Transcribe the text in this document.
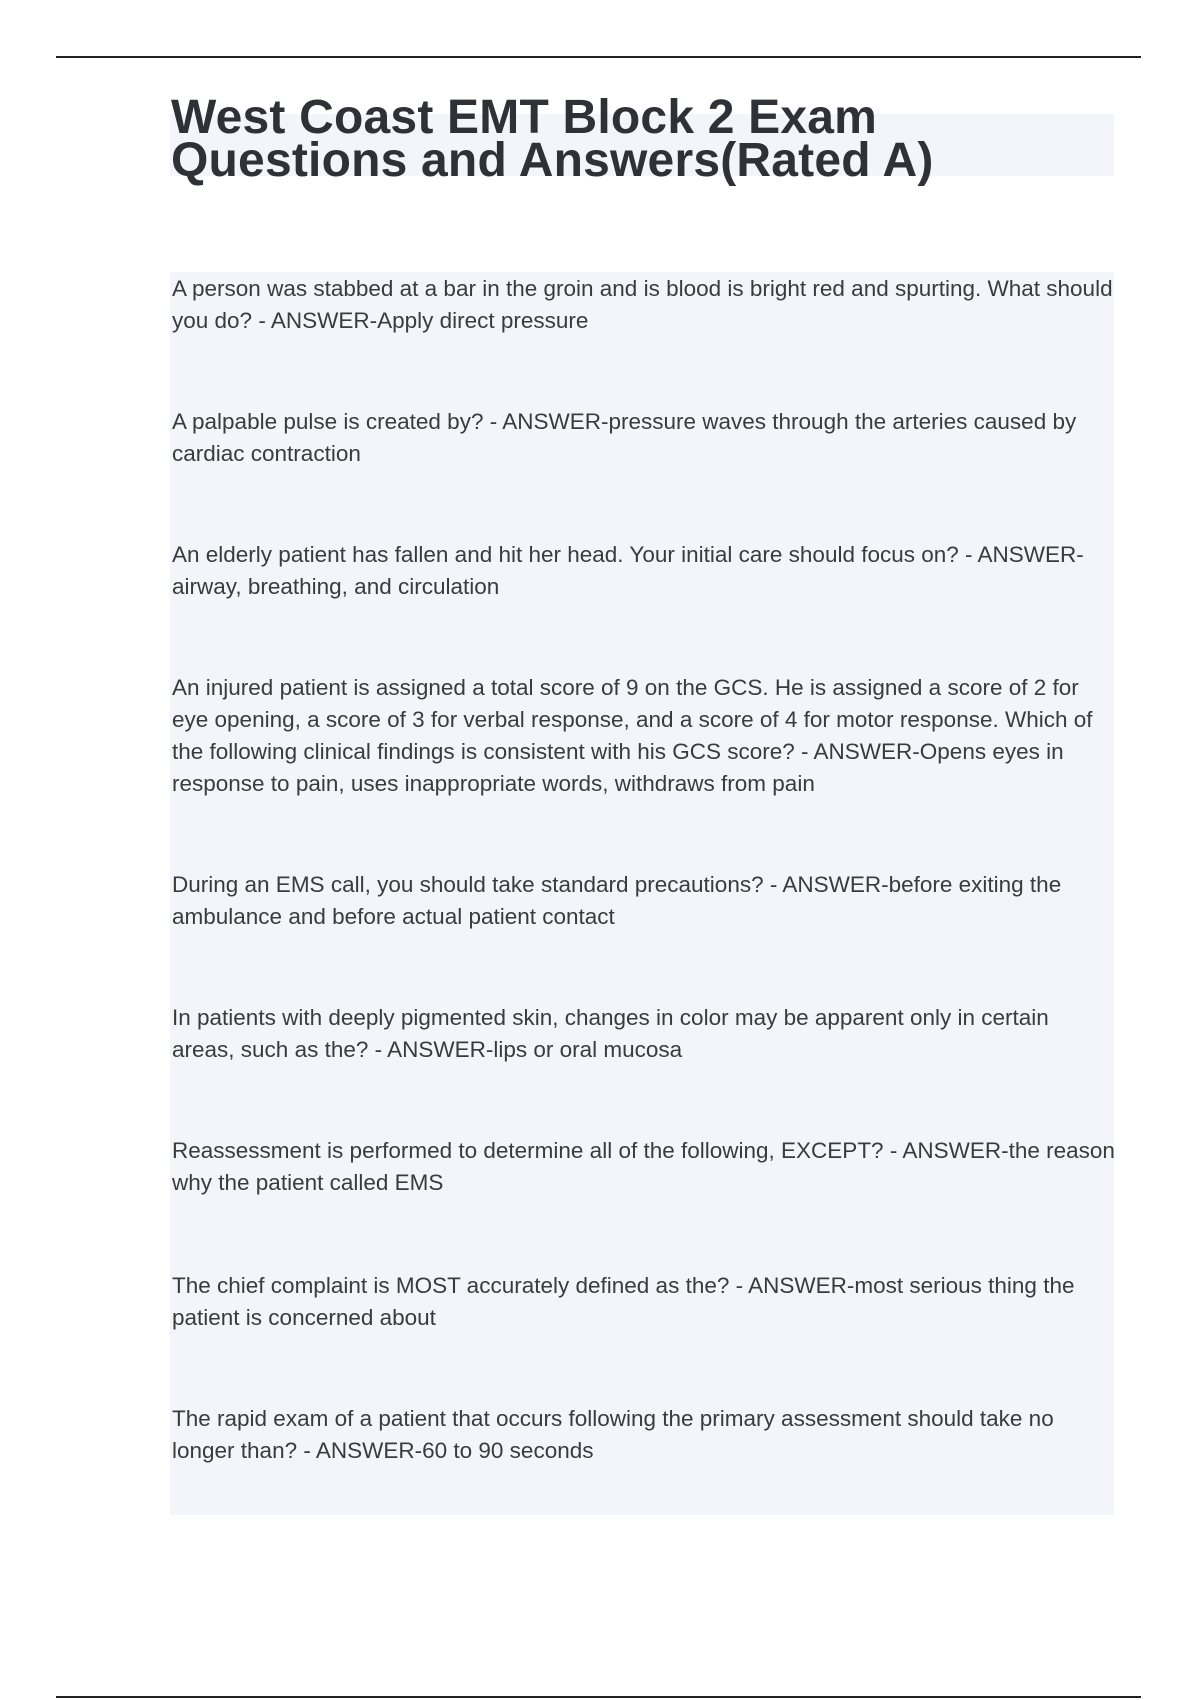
West Coast EMT Block 2 Exam
Questions and Answers(Rated A)

A person was stabbed at a bar in the groin and is blood is bright red and spurting. What should you do? - ANSWER-Apply direct pressure

A palpable pulse is created by? - ANSWER-pressure waves through the arteries caused by cardiac contraction

An elderly patient has fallen and hit her head. Your initial care should focus on? - ANSWER-airway, breathing, and circulation

An injured patient is assigned a total score of 9 on the GCS. He is assigned a score of 2 for eye opening, a score of 3 for verbal response, and a score of 4 for motor response. Which of the following clinical findings is consistent with his GCS score? - ANSWER-Opens eyes in response to pain, uses inappropriate words, withdraws from pain

During an EMS call, you should take standard precautions? - ANSWER-before exiting the ambulance and before actual patient contact

In patients with deeply pigmented skin, changes in color may be apparent only in certain areas, such as the? - ANSWER-lips or oral mucosa

Reassessment is performed to determine all of the following, EXCEPT? - ANSWER-the reason why the patient called EMS

The chief complaint is MOST accurately defined as the? - ANSWER-most serious thing the patient is concerned about

The rapid exam of a patient that occurs following the primary assessment should take no longer than? - ANSWER-60 to 90 seconds
